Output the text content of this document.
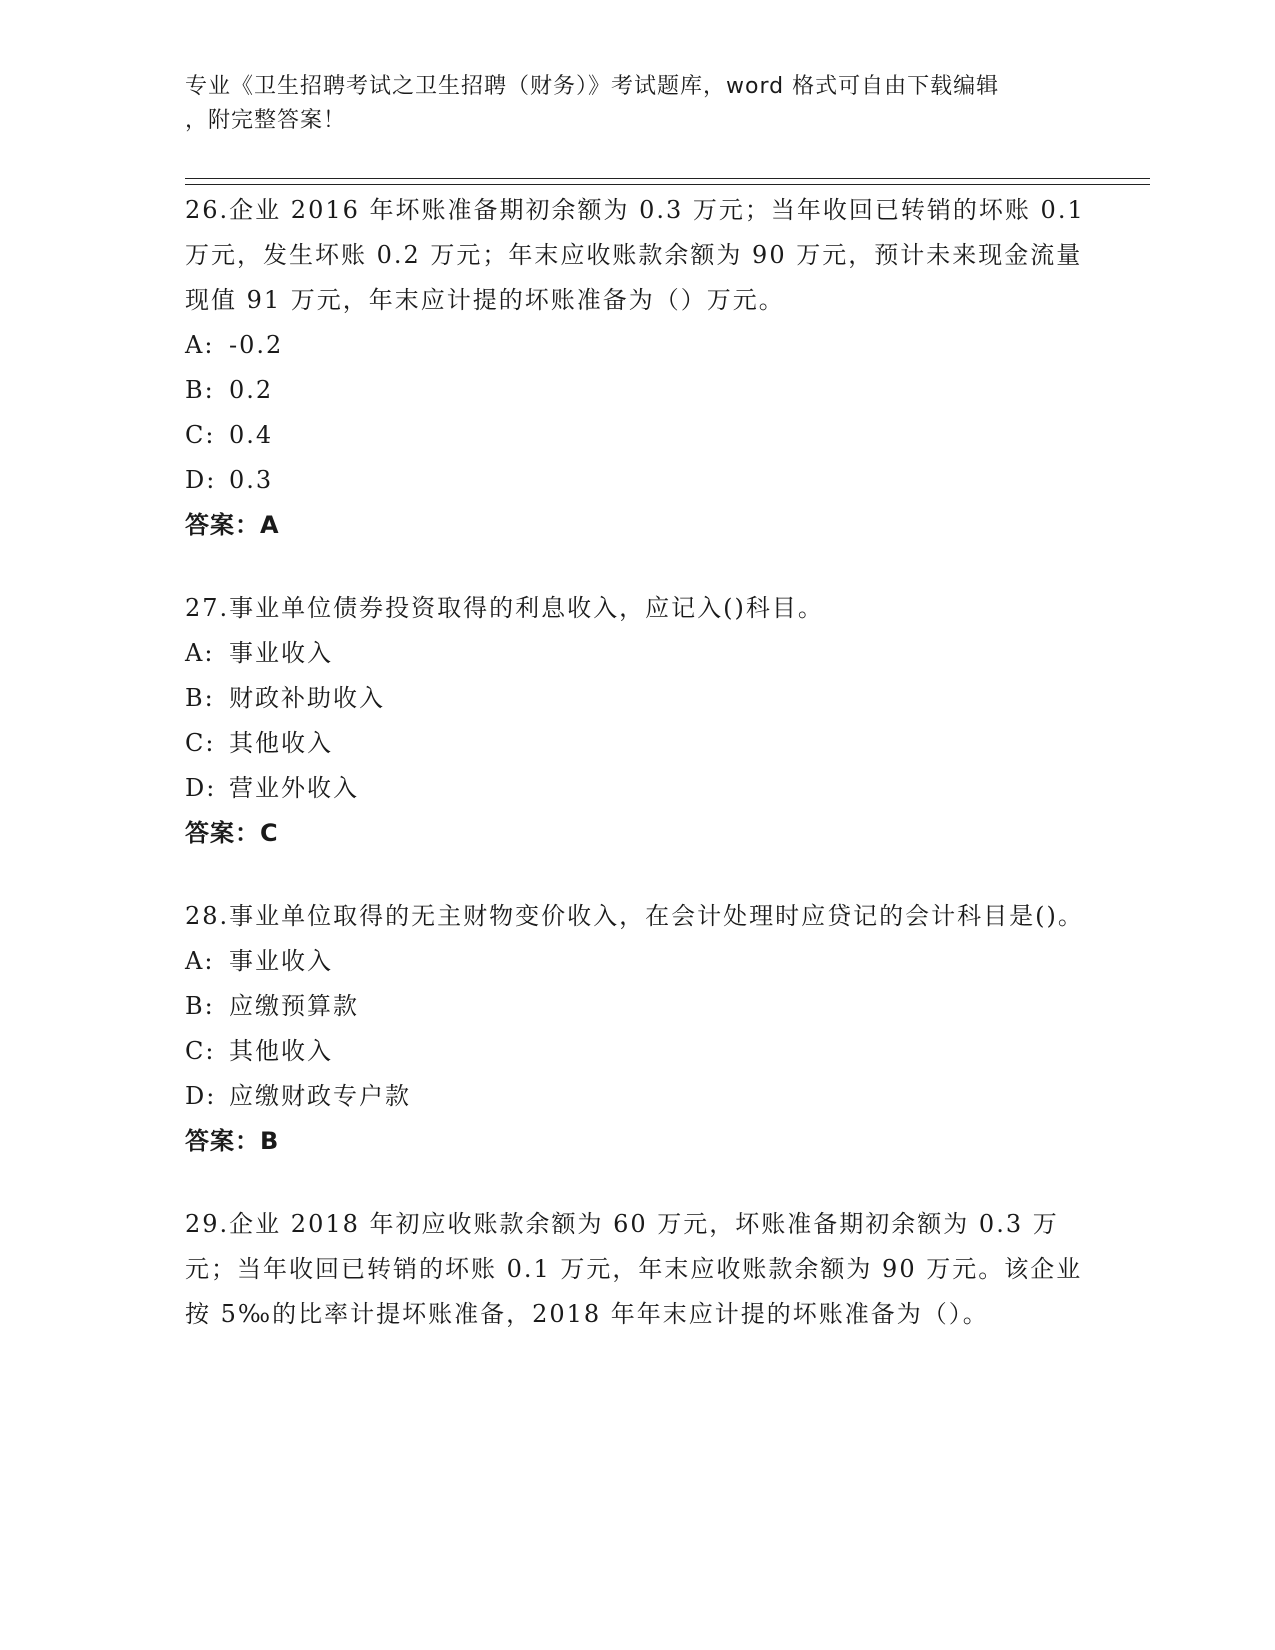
专业《卫生招聘考试之卫生招聘（财务）》考试题库，word 格式可自由下载编辑
，附完整答案！

26.企业 2016 年坏账准备期初余额为 0.3 万元；当年收回已转销的坏账 0.1 万元，发生坏账 0.2 万元；年末应收账款余额为 90 万元，预计未来现金流量现值 91 万元，年末应计提的坏账准备为（）万元。

A: -0.2
B: 0.2
C: 0.4
D: 0.3

答案：A

27.事业单位债券投资取得的利息收入，应记入()科目。

A: 事业收入
B: 财政补助收入
C: 其他收入
D: 营业外收入

答案：C

28.事业单位取得的无主财物变价收入，在会计处理时应贷记的会计科目是()。

A: 事业收入
B: 应缴预算款
C: 其他收入
D: 应缴财政专户款

答案：B

29.企业 2018 年初应收账款余额为 60 万元，坏账准备期初余额为 0.3 万元；当年收回已转销的坏账 0.1 万元，年末应收账款余额为 90 万元。该企业按 5‰的比率计提坏账准备，2018 年年末应计提的坏账准备为（）。
